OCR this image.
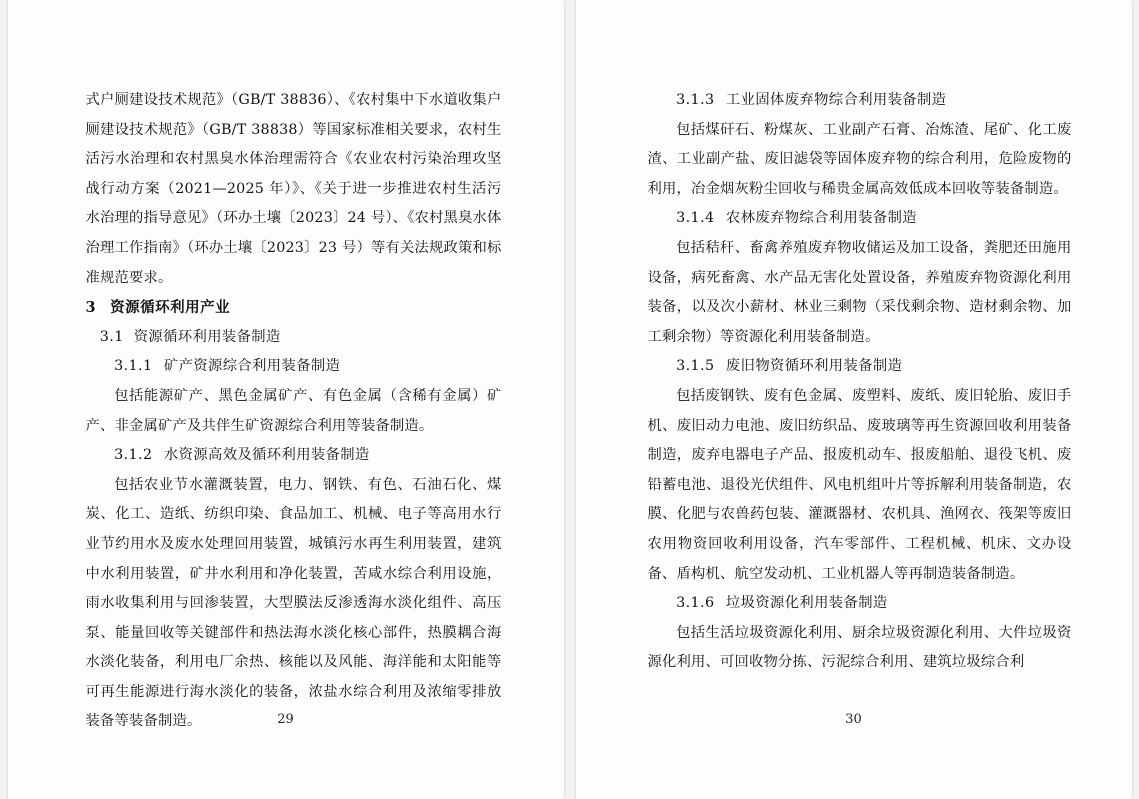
式户厕建设技术规范》（GB/T 38836）、《农村集中下水道收集户厕建设技术规范》（GB/T 38838）等国家标准相关要求，农村生活污水治理和农村黑臭水体治理需符合《农业农村污染治理攻坚战行动方案（2021—2025 年）》、《关于进一步推进农村生活污水治理的指导意见》（环办土壤〔2023〕24 号）、《农村黑臭水体治理工作指南》（环办土壤〔2023〕23 号）等有关法规政策和标准规范要求。
3 资源循环利用产业
3.1 资源循环利用装备制造
3.1.1 矿产资源综合利用装备制造
包括能源矿产、黑色金属矿产、有色金属（含稀有金属）矿产、非金属矿产及共伴生矿资源综合利用等装备制造。
3.1.2 水资源高效及循环利用装备制造
包括农业节水灌溉装置，电力、钢铁、有色、石油石化、煤炭、化工、造纸、纺织印染、食品加工、机械、电子等高用水行业节约用水及废水处理回用装置，城镇污水再生利用装置，建筑中水利用装置，矿井水利用和净化装置，苦咸水综合利用设施，雨水收集利用与回渗装置，大型膜法反渗透海水淡化组件、高压泵、能量回收等关键部件和热法海水淡化核心部件，热膜耦合海水淡化装备，利用电厂余热、核能以及风能、海洋能和太阳能等可再生能源进行海水淡化的装备，浓盐水综合利用及浓缩零排放装备等装备制造。	29
3.1.3 工业固体废弃物综合利用装备制造
包括煤矸石、粉煤灰、工业副产石膏、冶炼渣、尾矿、化工废渣、工业副产盐、废旧滤袋等固体废弃物的综合利用，危险废物的利用，冶金烟灰粉尘回收与稀贵金属高效低成本回收等装备制造。
3.1.4 农林废弃物综合利用装备制造
包括秸秆、畜禽养殖废弃物收储运及加工设备，粪肥还田施用设备，病死畜禽、水产品无害化处置设备，养殖废弃物资源化利用装备，以及次小薪材、林业三剩物（采伐剩余物、造材剩余物、加工剩余物）等资源化利用装备制造。
3.1.5 废旧物资循环利用装备制造
包括废钢铁、废有色金属、废塑料、废纸、废旧轮胎、废旧手机、废旧动力电池、废旧纺织品、废玻璃等再生资源回收利用装备制造，废弃电器电子产品、报废机动车、报废船舶、退役飞机、废铅蓄电池、退役光伏组件、风电机组叶片等拆解利用装备制造，农膜、化肥与农兽药包装、灌溉器材、农机具、渔网衣、筏架等废旧农用物资回收利用设备，汽车零部件、工程机械、机床、文办设备、盾构机、航空发动机、工业机器人等再制造装备制造。
3.1.6 垃圾资源化利用装备制造
包括生活垃圾资源化利用、厨余垃圾资源化利用、大件垃圾资源化利用、可回收物分拣、污泥综合利用、建筑垃圾综合利
30
